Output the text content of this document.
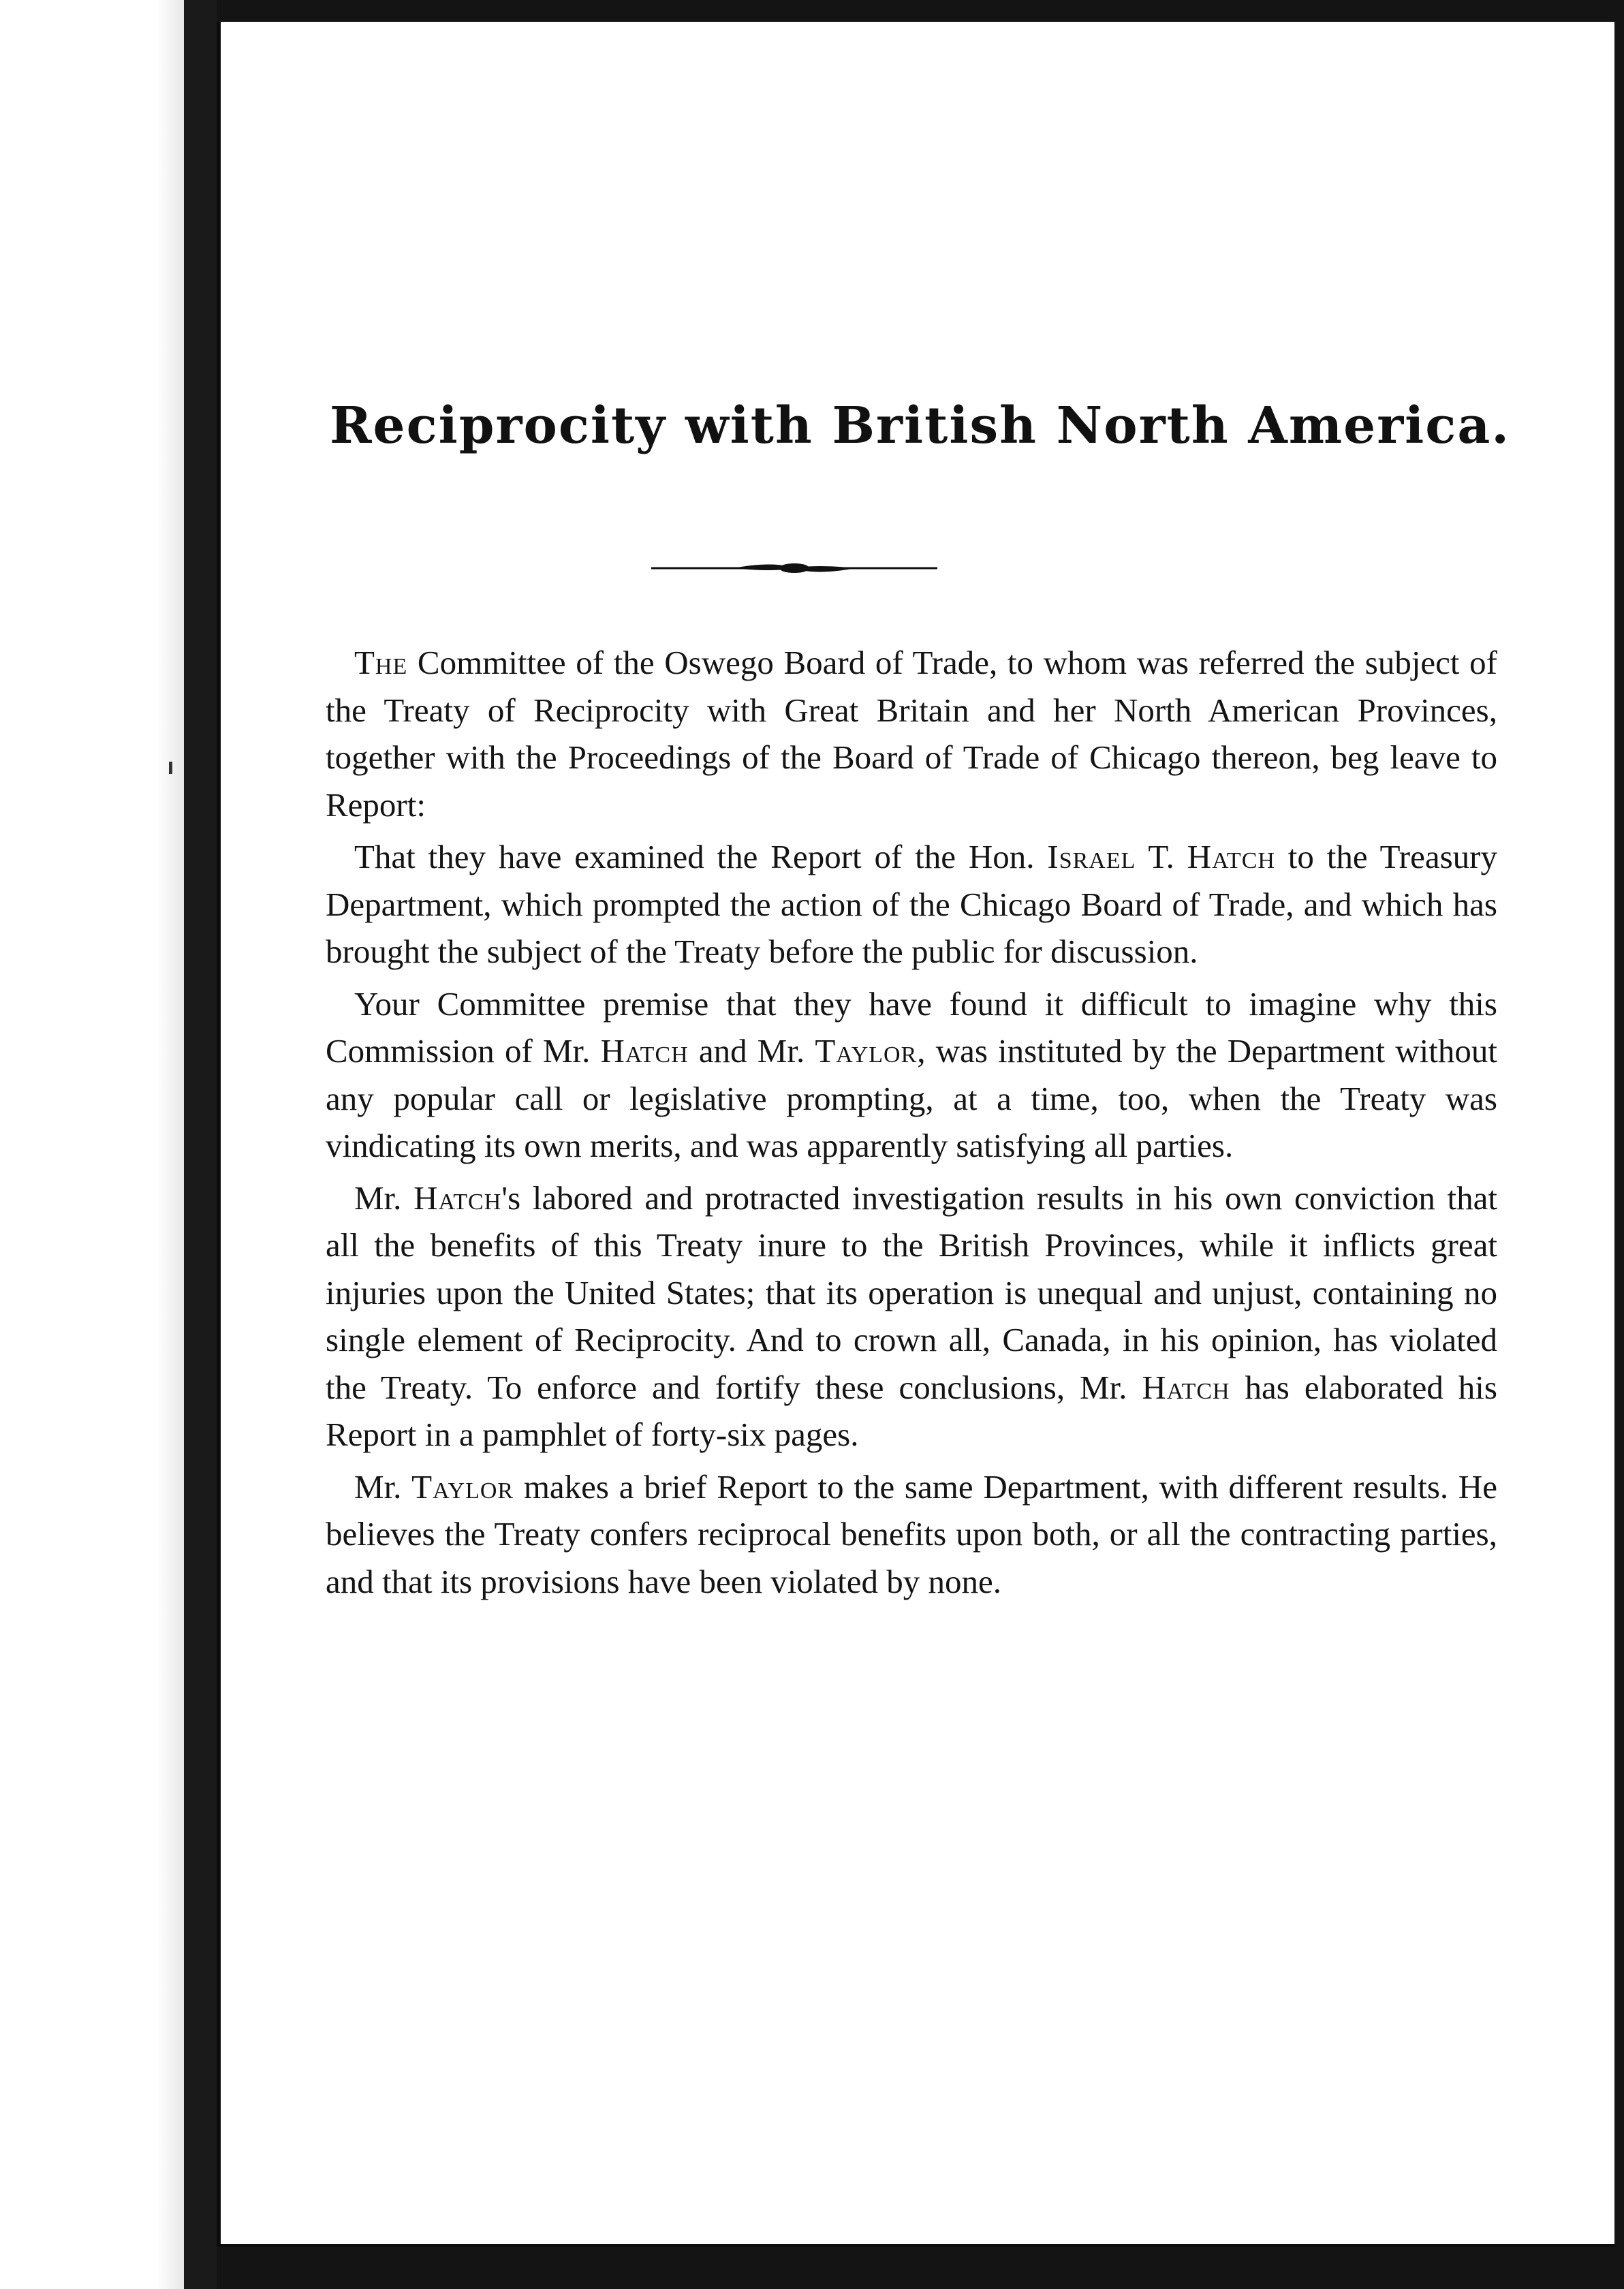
Reciprocity with British North America.

The Committee of the Oswego Board of Trade, to whom was referred the subject of the Treaty of Reciprocity with Great Britain and her North American Provinces, together with the Proceedings of the Board of Trade of Chicago thereon, beg leave to Report:

That they have examined the Report of the Hon. Israel T. Hatch to the Treasury Department, which prompted the action of the Chicago Board of Trade, and which has brought the subject of the Treaty before the public for discussion.

Your Committee premise that they have found it difficult to imagine why this Commission of Mr. Hatch and Mr. Taylor, was instituted by the Department without any popular call or legislative prompting, at a time, too, when the Treaty was vindicating its own merits, and was apparently satisfying all parties.

Mr. Hatch's labored and protracted investigation results in his own conviction that all the benefits of this Treaty inure to the British Provinces, while it inflicts great injuries upon the United States; that its operation is unequal and unjust, containing no single element of Reciprocity. And to crown all, Canada, in his opinion, has violated the Treaty. To enforce and fortify these conclusions, Mr. Hatch has elaborated his Report in a pamphlet of forty-six pages.

Mr. Taylor makes a brief Report to the same Department, with different results. He believes the Treaty confers reciprocal benefits upon both, or all the contracting parties, and that its provisions have been violated by none.
